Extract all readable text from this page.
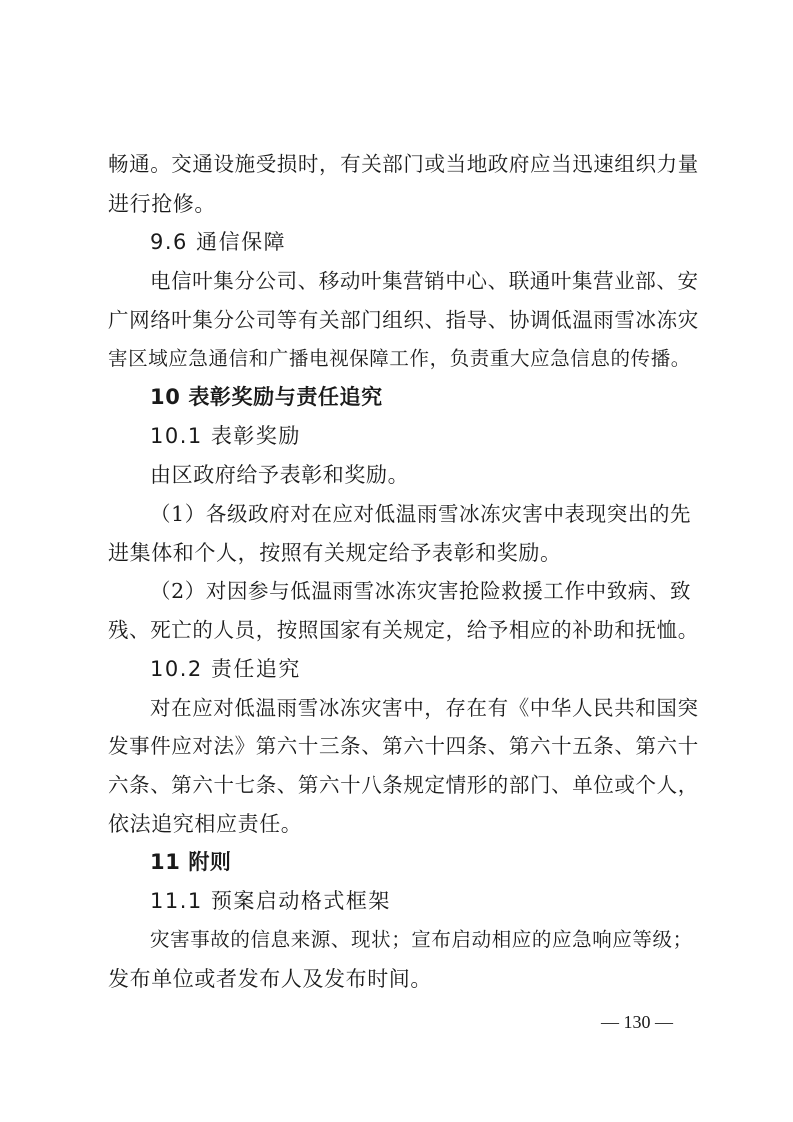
畅通。交通设施受损时，有关部门或当地政府应当迅速组织力量
进行抢修。
9.6 通信保障
电信叶集分公司、移动叶集营销中心、联通叶集营业部、安
广网络叶集分公司等有关部门组织、指导、协调低温雨雪冰冻灾
害区域应急通信和广播电视保障工作，负责重大应急信息的传播。
10 表彰奖励与责任追究
10.1 表彰奖励
由区政府给予表彰和奖励。
（1）各级政府对在应对低温雨雪冰冻灾害中表现突出的先
进集体和个人，按照有关规定给予表彰和奖励。
（2）对因参与低温雨雪冰冻灾害抢险救援工作中致病、致
残、死亡的人员，按照国家有关规定，给予相应的补助和抚恤。
10.2 责任追究
对在应对低温雨雪冰冻灾害中，存在有《中华人民共和国突
发事件应对法》第六十三条、第六十四条、第六十五条、第六十
六条、第六十七条、第六十八条规定情形的部门、单位或个人，
依法追究相应责任。
11 附则
11.1 预案启动格式框架
灾害事故的信息来源、现状；宣布启动相应的应急响应等级；
发布单位或者发布人及发布时间。
— 130 —
